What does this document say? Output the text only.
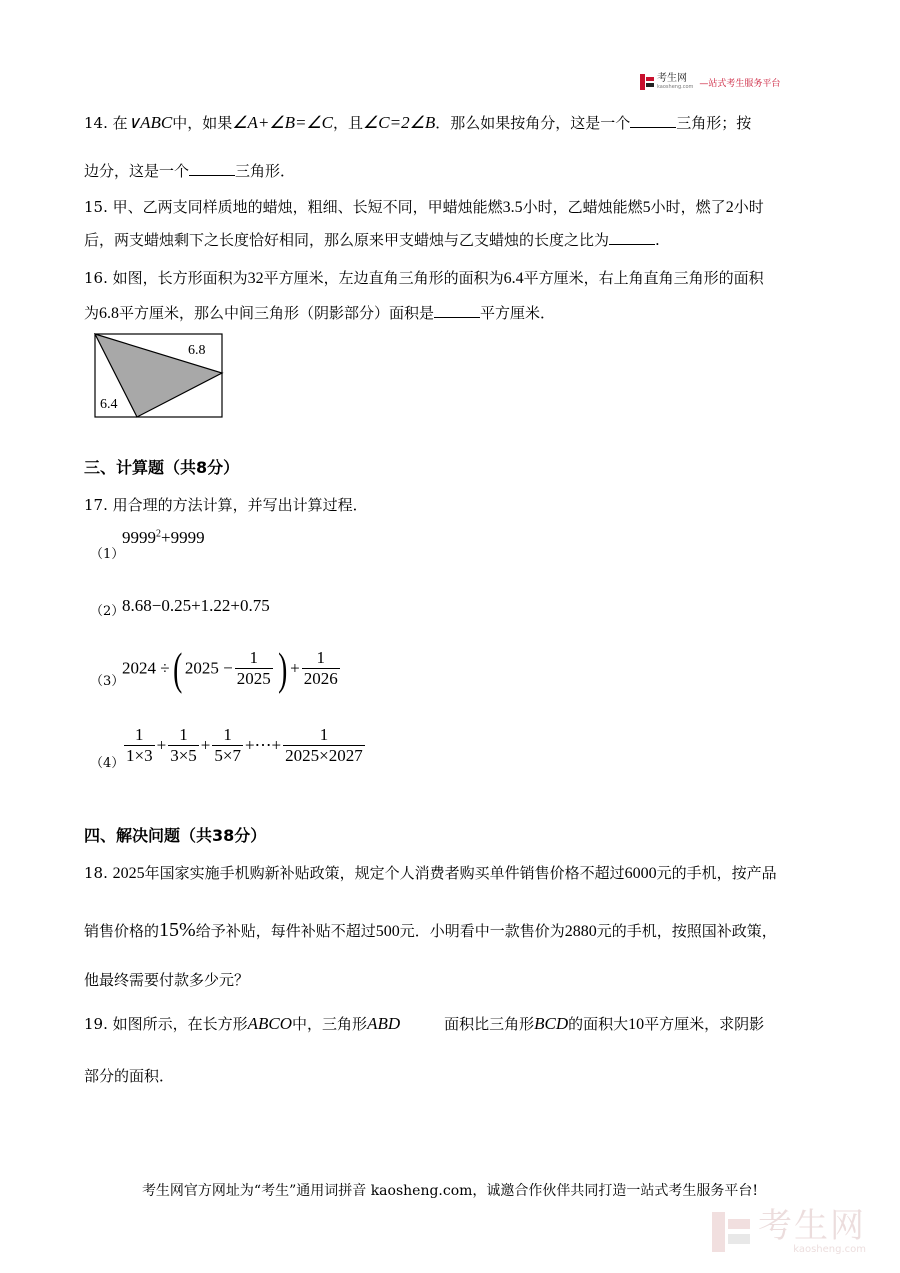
考生网
kaosheng.com —站式考生服务平台
14. 在∨ABC中，如果∠A+∠B=∠C，且∠C=2∠B．那么如果按角分，这是一个	三角形；按
边分，这是一个	三角形．
15. 甲、乙两支同样质地的蜡烛，粗细、长短不同，甲蜡烛能燃3.5小时，乙蜡烛能燃5小时，燃了2小时
后，两支蜡烛剩下之长度恰好相同，那么原来甲支蜡烛与乙支蜡烛的长度之比为	.
16. 如图，长方形面积为32平方厘米，左边直角三角形的面积为6.4平方厘米，右上角直角三角形的面积
为6.8平方厘米，那么中间三角形（阴影部分）面积是	平方厘米．
6.8
6.4
三、计算题（共8分）
17. 用合理的方法计算，并写出计算过程．
（1）
$9999^2+9999$
（2）
8.68−0.25+1.22+0.75
（3）
2024 ÷( $2025 - \frac{1}{2025}$ ) + $\frac{1}{2026}$
$(4) \frac{1}{1\times 3} + \frac{1}{3\times 5} + \frac{1}{5\times 7}$ +⋯+ $\frac{1}{2025\times 2027}$
四、解决问题（共38分）
18. 2025年国家实施手机购新补贴政策，规定个人消费者购买单件销售价格不超过6000元的手机，按产品
销售价格的15%给予补贴，每件补贴不超过500元．小明看中一款售价为2880元的手机，按照国补政策，
他最终需要付款多少元？
19. 如图所示，在长方形ABCO中，三角形ABD	面积比三角形BCD的面积大10平方厘米，求阴影
部分的面积．
考生网官方网址为“考生”通用词拼音 kaosheng.com，诚邀合作伙伴共同打造一站式考生服务平台!
考生网
kaosheng.com
